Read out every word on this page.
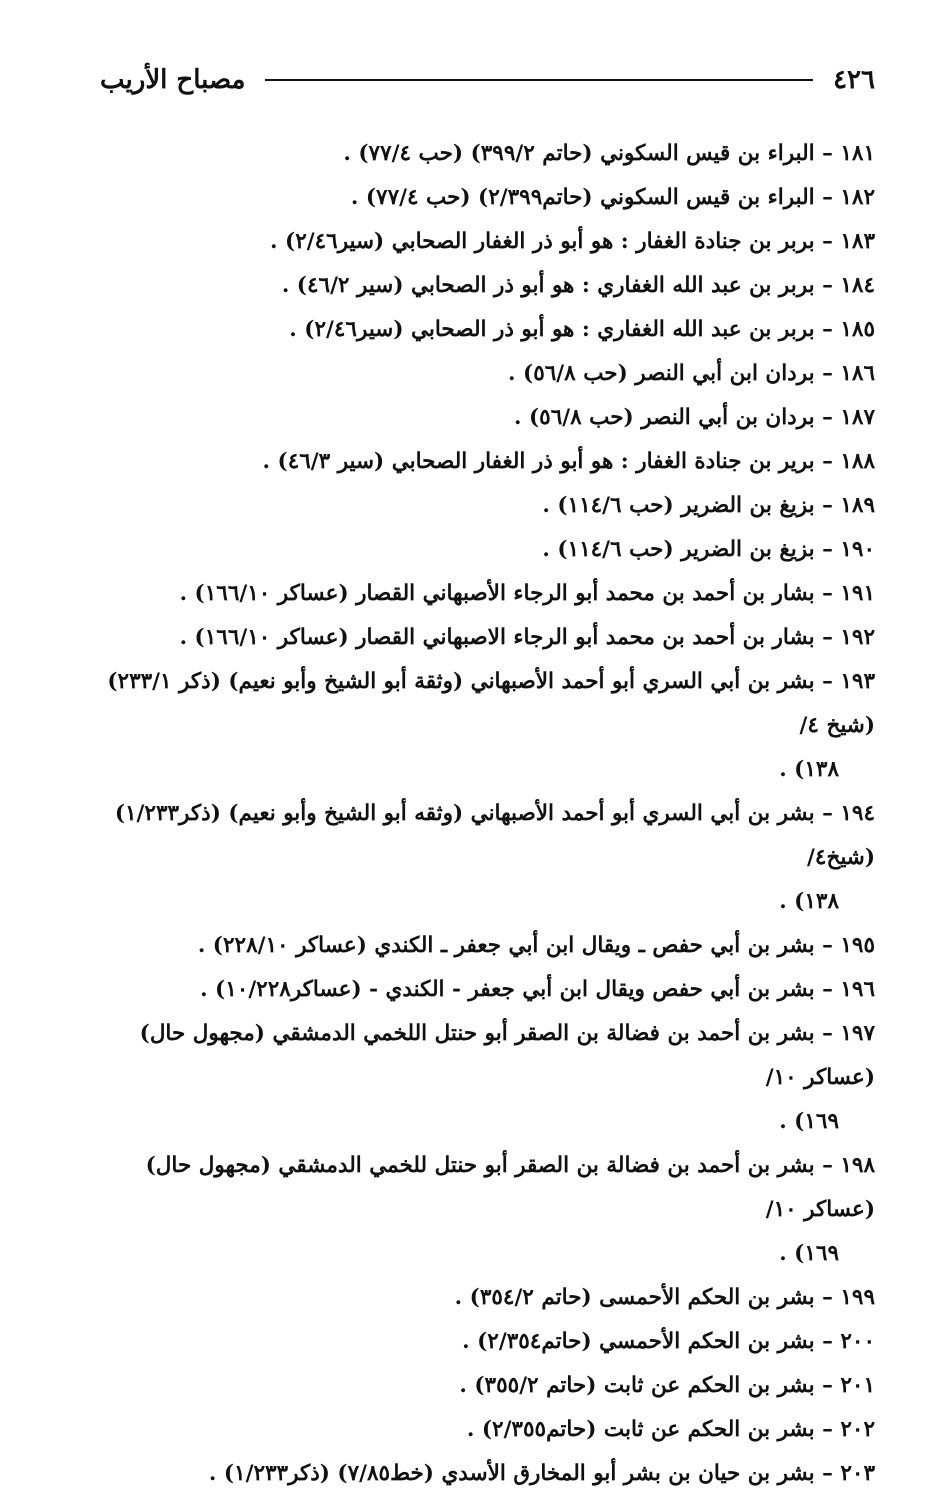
٤٢٦
مصباح الأريب
١٨١ – البراء بن قيس السكوني (حاتم ٣٩٩/٢) (حب ٧٧/٤) .
١٨٢ – البراء بن قيس السكوني (حاتم٢/٣٩٩) (حب ٧٧/٤) .
١٨٣ – بربر بن جنادة الغفار : هو أبو ذر الغفار الصحابي (سير٢/٤٦) .
١٨٤ – بربر بن عبد الله الغفاري : هو أبو ذر الصحابي (سير ٤٦/٢) .
١٨٥ – بربر بن عبد الله الغفاري : هو أبو ذر الصحابي (سير٢/٤٦) .
١٨٦ – بردان ابن أبي النصر (حب ٥٦/٨) .
١٨٧ – بردان بن أبي النصر (حب ٥٦/٨) .
١٨٨ – برير بن جنادة الغفار : هو أبو ذر الغفار الصحابي (سير ٤٦/٣) .
١٨٩ – بزيغ بن الضرير (حب ١١٤/٦) .
١٩٠ – بزيغ بن الضرير (حب ١١٤/٦) .
١٩١ – بشار بن أحمد بن محمد أبو الرجاء الأصبهاني القصار (عساكر ١٦٦/١٠) .
١٩٢ – بشار بن أحمد بن محمد أبو الرجاء الاصبهاني القصار (عساكر ١٦٦/١٠) .
١٩٣ – بشر بن أبي السري أبو أحمد الأصبهاني (وثقة أبو الشيخ وأبو نعيم) (ذكر ٢٣٣/١) (شيخ ٤/
١٣٨) .
١٩٤ – بشر بن أبي السري أبو أحمد الأصبهاني (وثقه أبو الشيخ وأبو نعيم) (ذكر١/٢٣٣) (شيخ٤/
١٣٨) .
١٩٥ – بشر بن أبي حفص ـ ويقال ابن أبي جعفر ـ الكندي (عساكر ٢٢٨/١٠) .
١٩٦ – بشر بن أبي حفص ويقال ابن أبي جعفر - الكندي - (عساكر١٠/٢٢٨) .
١٩٧ – بشر بن أحمد بن فضالة بن الصقر أبو حنتل اللخمي الدمشقي (مجهول حال) (عساكر ١٠/
١٦٩) .
١٩٨ – بشر بن أحمد بن فضالة بن الصقر أبو حنتل للخمي الدمشقي (مجهول حال) (عساكر ١٠/
١٦٩) .
١٩٩ – بشر بن الحكم الأحمسى (حاتم ٣٥٤/٢) .
٢٠٠ – بشر بن الحكم الأحمسي (حاتم٢/٣٥٤) .
٢٠١ – بشر بن الحكم عن ثابت (حاتم ٣٥٥/٢) .
٢٠٢ – بشر بن الحكم عن ثابت (حاتم٢/٣٥٥) .
٢٠٣ – بشر بن حيان بن بشر أبو المخارق الأسدي (خط٧/٨٥) (ذكر١/٢٣٣) .
